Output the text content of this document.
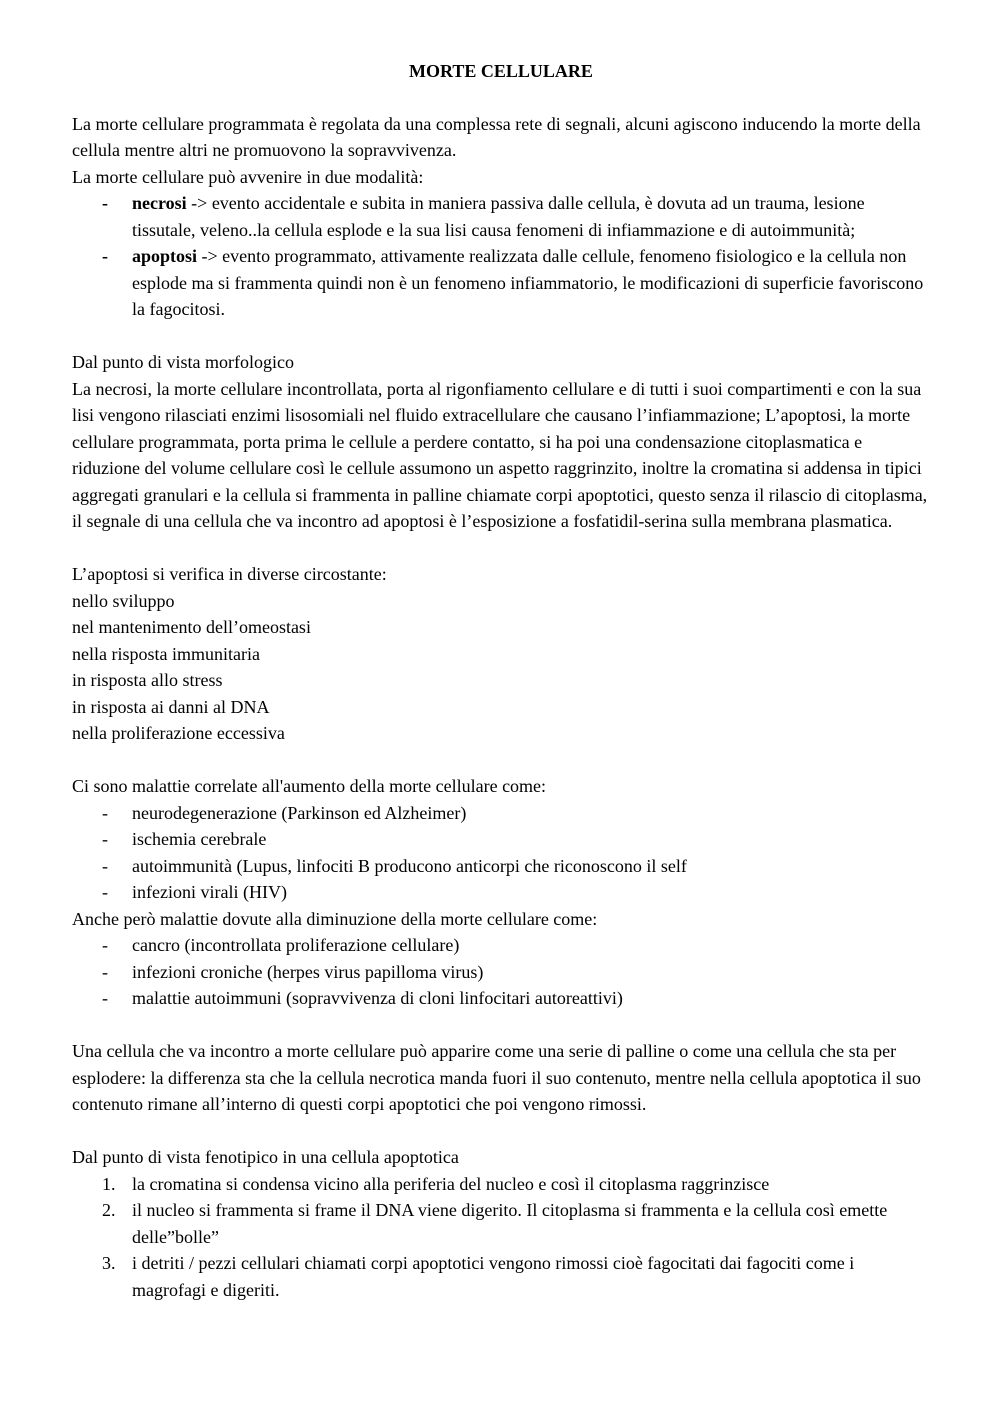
MORTE CELLULARE

La morte cellulare programmata è regolata da una complessa rete di segnali, alcuni agiscono inducendo la morte della cellula mentre altri ne promuovono la sopravvivenza.

La morte cellulare può avvenire in due modalità:

- necrosi -> evento accidentale e subita in maniera passiva dalle cellula, è dovuta ad un trauma, lesione tissutale, veleno..la cellula esplode e la sua lisi causa fenomeni di infiammazione e di autoimmunità;
- apoptosi -> evento programmato, attivamente realizzata dalle cellule, fenomeno fisiologico e la cellula non esplode ma si frammenta quindi non è un fenomeno infiammatorio, le modificazioni di superficie favoriscono la fagocitosi.

Dal punto di vista morfologico

La necrosi, la morte cellulare incontrollata, porta al rigonfiamento cellulare e di tutti i suoi compartimenti e con la sua lisi vengono rilasciati enzimi lisosomiali nel fluido extracellulare che causano l’infiammazione; L’apoptosi, la morte cellulare programmata, porta prima le cellule a perdere contatto, si ha poi una condensazione citoplasmatica e riduzione del volume cellulare così le cellule assumono un aspetto raggrinzito, inoltre la cromatina si addensa in tipici aggregati granulari e la cellula si frammenta in palline chiamate corpi apoptotici, questo senza il rilascio di citoplasma, il segnale di una cellula che va incontro ad apoptosi è l’esposizione a fosfatidil-serina sulla membrana plasmatica.

L’apoptosi si verifica in diverse circostante:

nello sviluppo

nel mantenimento dell’omeostasi

nella risposta immunitaria

in risposta allo stress

in risposta ai danni al DNA

nella proliferazione eccessiva

Ci sono malattie correlate all'aumento della morte cellulare come:

- neurodegenerazione (Parkinson ed Alzheimer)
- ischemia cerebrale
- autoimmunità (Lupus, linfociti B producono anticorpi che riconoscono il self
- infezioni virali (HIV)

Anche però malattie dovute alla diminuzione della morte cellulare come:

- cancro (incontrollata proliferazione cellulare)
- infezioni croniche (herpes virus papilloma virus)
- malattie autoimmuni (sopravvivenza di cloni linfocitari autoreattivi)

Una cellula che va incontro a morte cellulare può apparire come una serie di palline o come una cellula che sta per esplodere: la differenza sta che la cellula necrotica manda fuori il suo contenuto, mentre nella cellula apoptotica il suo contenuto rimane all’interno di questi corpi apoptotici che poi vengono rimossi.

Dal punto di vista fenotipico in una cellula apoptotica

1. la cromatina si condensa vicino alla periferia del nucleo e così il citoplasma raggrinzisce
2. il nucleo si frammenta si frame il DNA viene digerito. Il citoplasma si frammenta e la cellula così emette delle”bolle”
3. i detriti / pezzi cellulari chiamati corpi apoptotici vengono rimossi cioè fagocitati dai fagociti come i magrofagi e digeriti.
